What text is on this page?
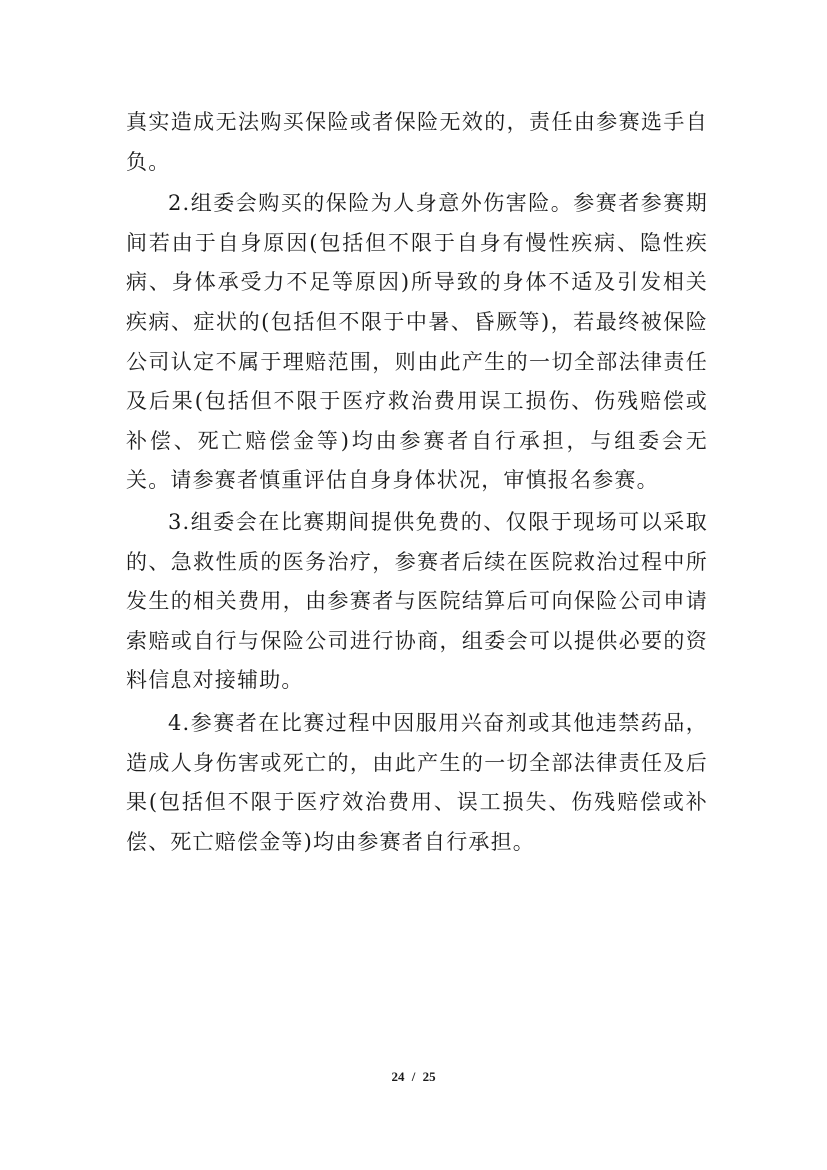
真实造成无法购买保险或者保险无效的，责任由参赛选手自负。

2.组委会购买的保险为人身意外伤害险。参赛者参赛期间若由于自身原因(包括但不限于自身有慢性疾病、隐性疾病、身体承受力不足等原因)所导致的身体不适及引发相关疾病、症状的(包括但不限于中暑、昏厥等)，若最终被保险公司认定不属于理赔范围，则由此产生的一切全部法律责任及后果(包括但不限于医疗救治费用误工损伤、伤残赔偿或补偿、死亡赔偿金等)均由参赛者自行承担，与组委会无关。请参赛者慎重评估自身身体状况，审慎报名参赛。

3.组委会在比赛期间提供免费的、仅限于现场可以采取的、急救性质的医务治疗，参赛者后续在医院救治过程中所发生的相关费用，由参赛者与医院结算后可向保险公司申请索赔或自行与保险公司进行协商，组委会可以提供必要的资料信息对接辅助。

4.参赛者在比赛过程中因服用兴奋剂或其他违禁药品，造成人身伤害或死亡的，由此产生的一切全部法律责任及后果(包括但不限于医疗效治费用、误工损失、伤残赔偿或补偿、死亡赔偿金等)均由参赛者自行承担。

24 / 25
